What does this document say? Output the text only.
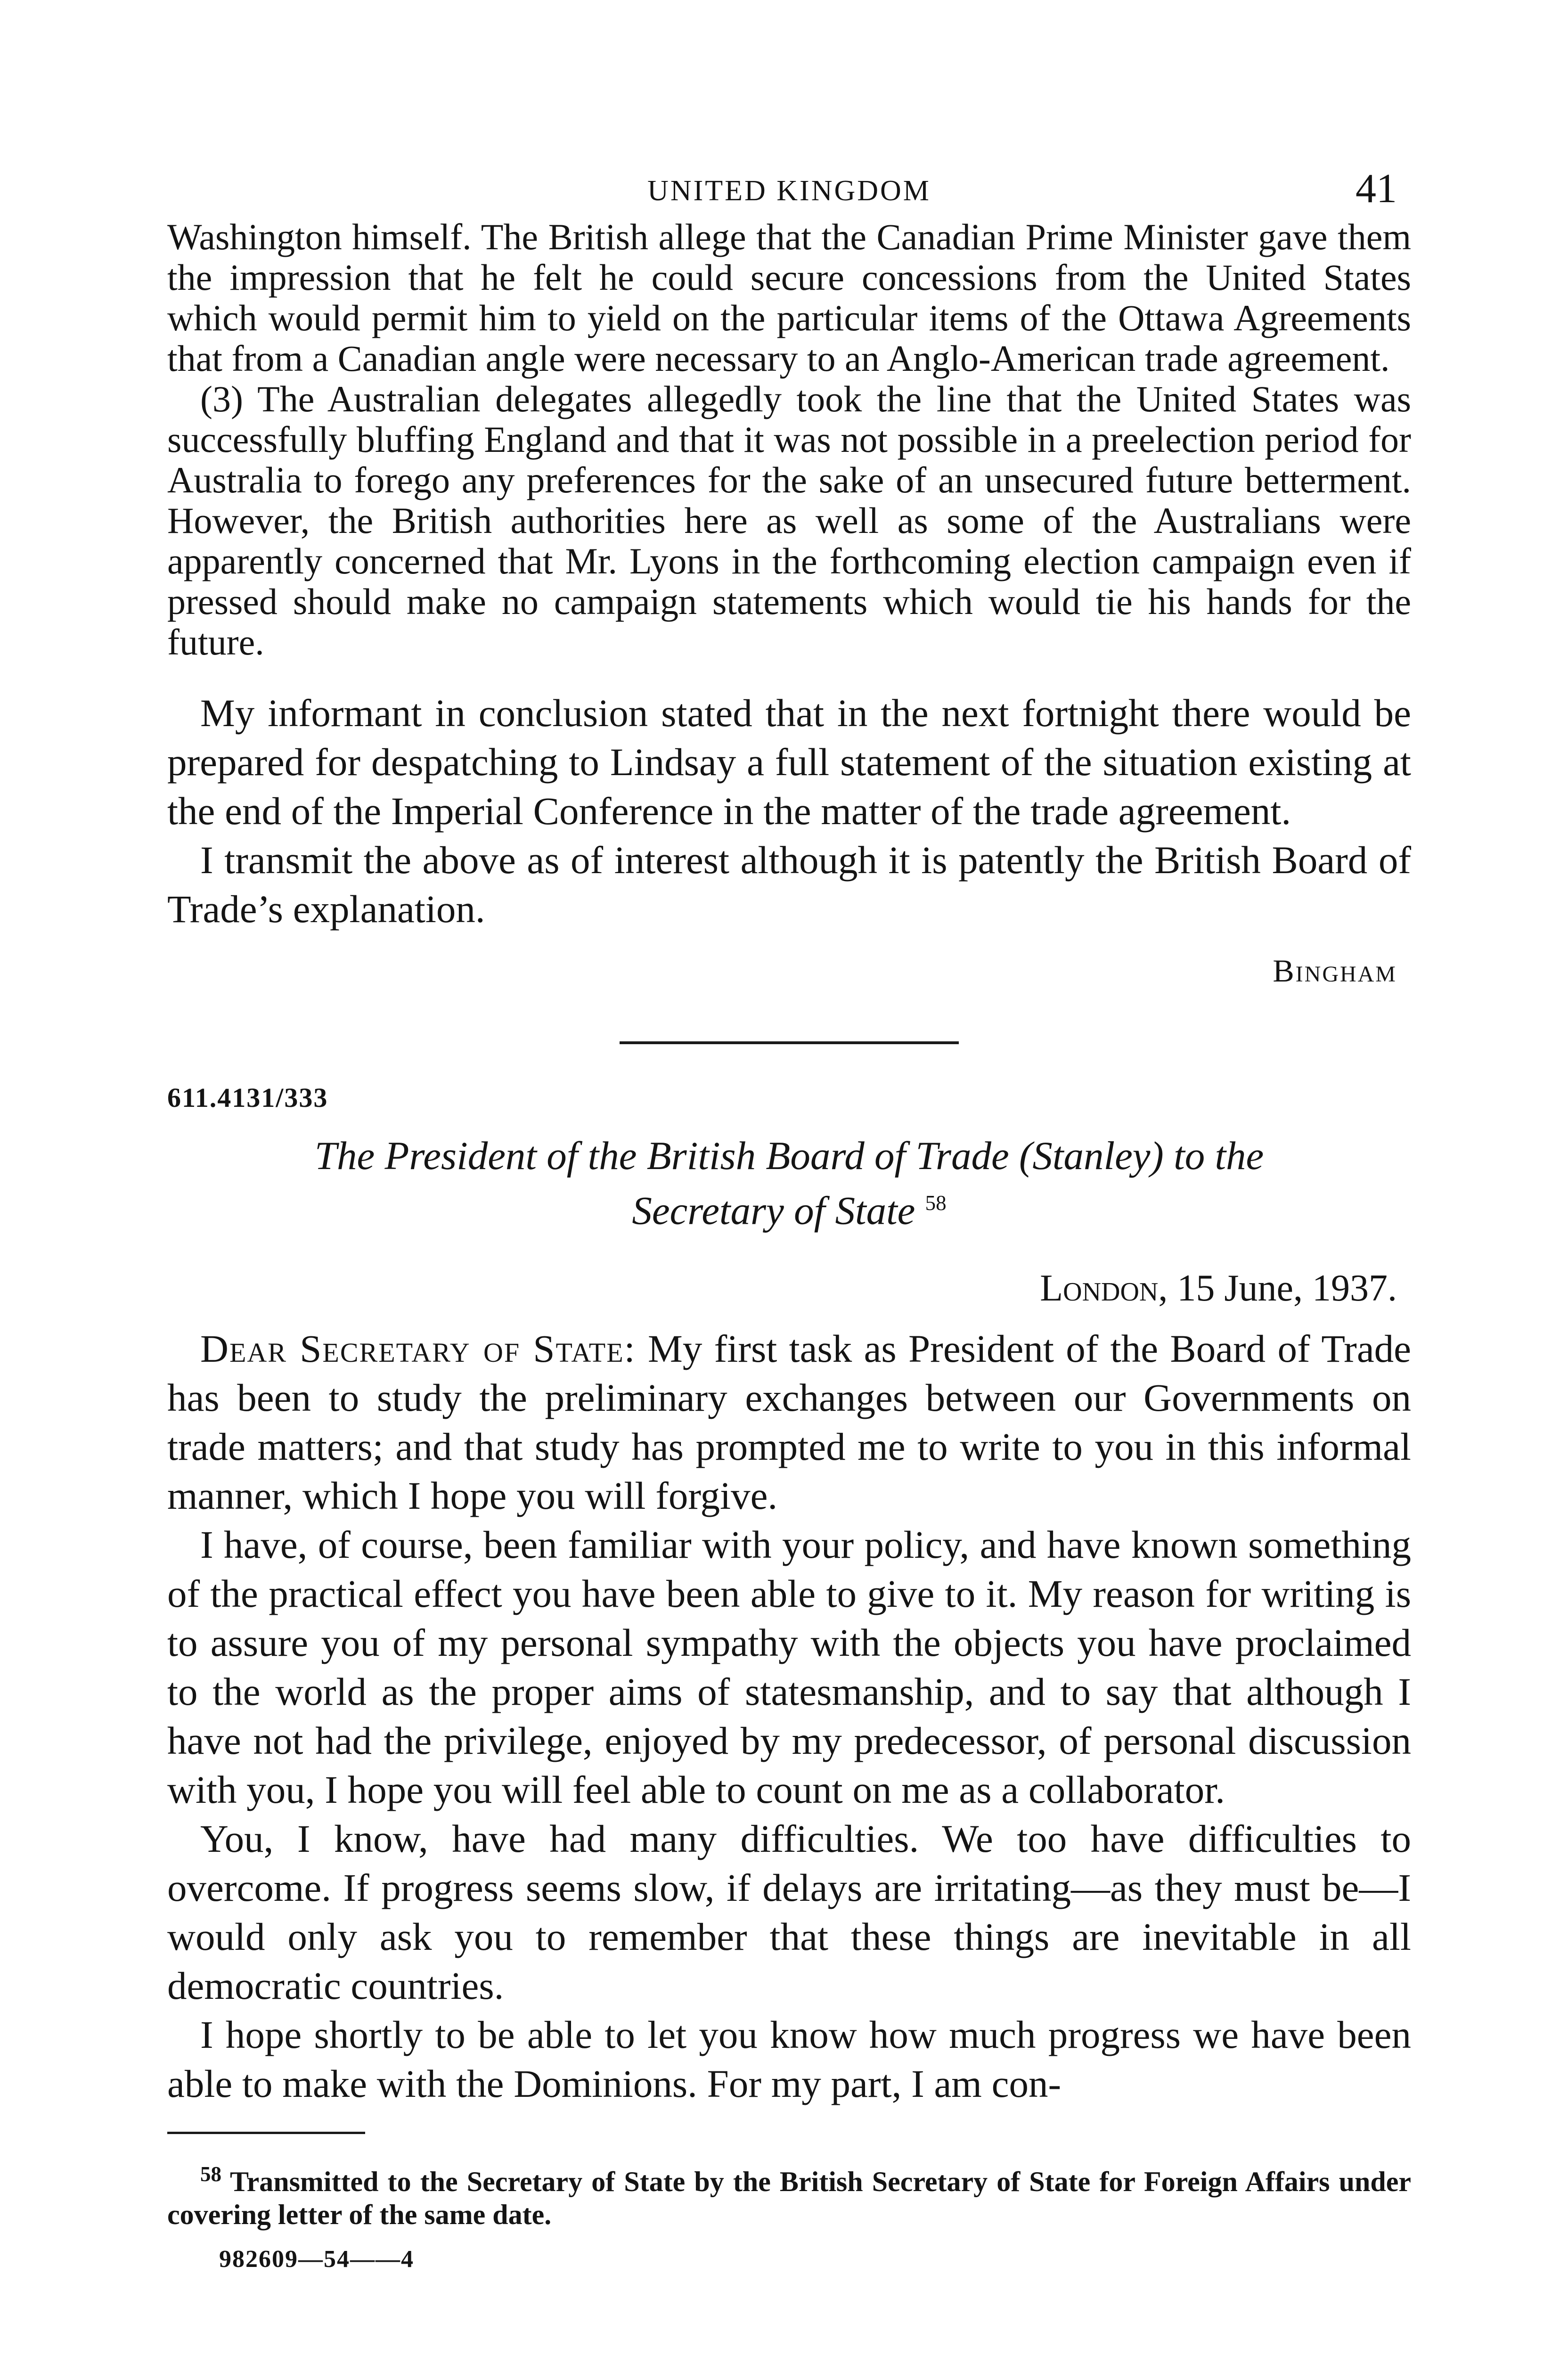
UNITED KINGDOM	41

Washington himself. The British allege that the Canadian Prime Minister gave them the impression that he felt he could secure concessions from the United States which would permit him to yield on the particular items of the Ottawa Agreements that from a Canadian angle were necessary to an Anglo-American trade agreement.

(3) The Australian delegates allegedly took the line that the United States was successfully bluffing England and that it was not possible in a preelection period for Australia to forego any preferences for the sake of an unsecured future betterment. However, the British authorities here as well as some of the Australians were apparently concerned that Mr. Lyons in the forthcoming election campaign even if pressed should make no campaign statements which would tie his hands for the future.

My informant in conclusion stated that in the next fortnight there would be prepared for despatching to Lindsay a full statement of the situation existing at the end of the Imperial Conference in the matter of the trade agreement.

I transmit the above as of interest although it is patently the British Board of Trade’s explanation.

Bingham
611.4131/333
The President of the British Board of Trade (Stanley) to the
Secretary of State $^{58}$
London, 15 June, 1937.

Dear Secretary of State: My first task as President of the Board of Trade has been to study the preliminary exchanges between our Governments on trade matters; and that study has prompted me to write to you in this informal manner, which I hope you will forgive.

I have, of course, been familiar with your policy, and have known something of the practical effect you have been able to give to it. My reason for writing is to assure you of my personal sympathy with the objects you have proclaimed to the world as the proper aims of statesmanship, and to say that although I have not had the privilege, enjoyed by my predecessor, of personal discussion with you, I hope you will feel able to count on me as a collaborator.

You, I know, have had many difficulties. We too have difficulties to overcome. If progress seems slow, if delays are irritating—as they must be—I would only ask you to remember that these things are inevitable in all democratic countries.

I hope shortly to be able to let you know how much progress we have been able to make with the Dominions. For my part, I am con-

$^{58}$ Transmitted to the Secretary of State by the British Secretary of State for Foreign Affairs under covering letter of the same date.
982609—54——4
